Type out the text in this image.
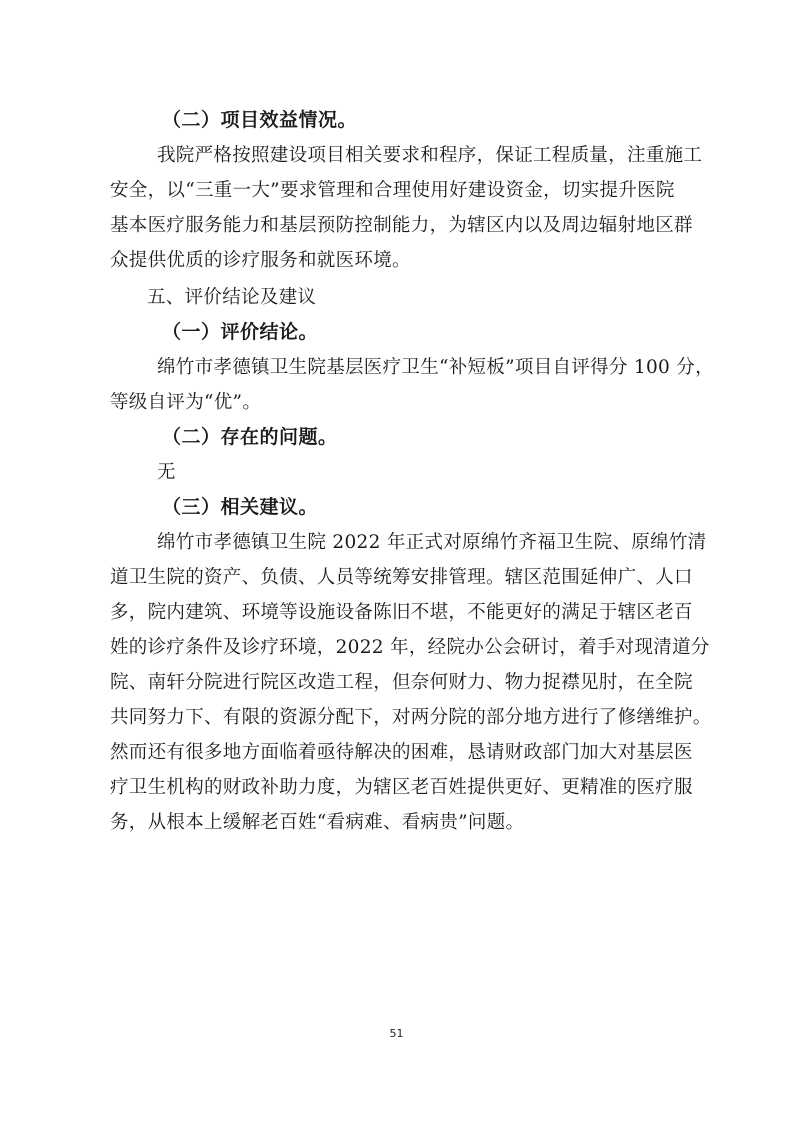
（二）项目效益情况。
我院严格按照建设项目相关要求和程序，保证工程质量，注重施工
安全，以“三重一大”要求管理和合理使用好建设资金，切实提升医院
基本医疗服务能力和基层预防控制能力，为辖区内以及周边辐射地区群
众提供优质的诊疗服务和就医环境。
五、评价结论及建议
（一）评价结论。
绵竹市孝德镇卫生院基层医疗卫生“补短板”项目自评得分 100 分，
等级自评为“优”。
（二）存在的问题。
无
（三）相关建议。
绵竹市孝德镇卫生院 2022 年正式对原绵竹齐福卫生院、原绵竹清
道卫生院的资产、负债、人员等统筹安排管理。辖区范围延伸广、人口
多，院内建筑、环境等设施设备陈旧不堪，不能更好的满足于辖区老百
姓的诊疗条件及诊疗环境，2022 年，经院办公会研讨，着手对现清道分
院、南轩分院进行院区改造工程，但奈何财力、物力捉襟见肘，在全院
共同努力下、有限的资源分配下，对两分院的部分地方进行了修缮维护。
然而还有很多地方面临着亟待解决的困难，恳请财政部门加大对基层医
疗卫生机构的财政补助力度，为辖区老百姓提供更好、更精准的医疗服
务，从根本上缓解老百姓“看病难、看病贵”问题。
51
